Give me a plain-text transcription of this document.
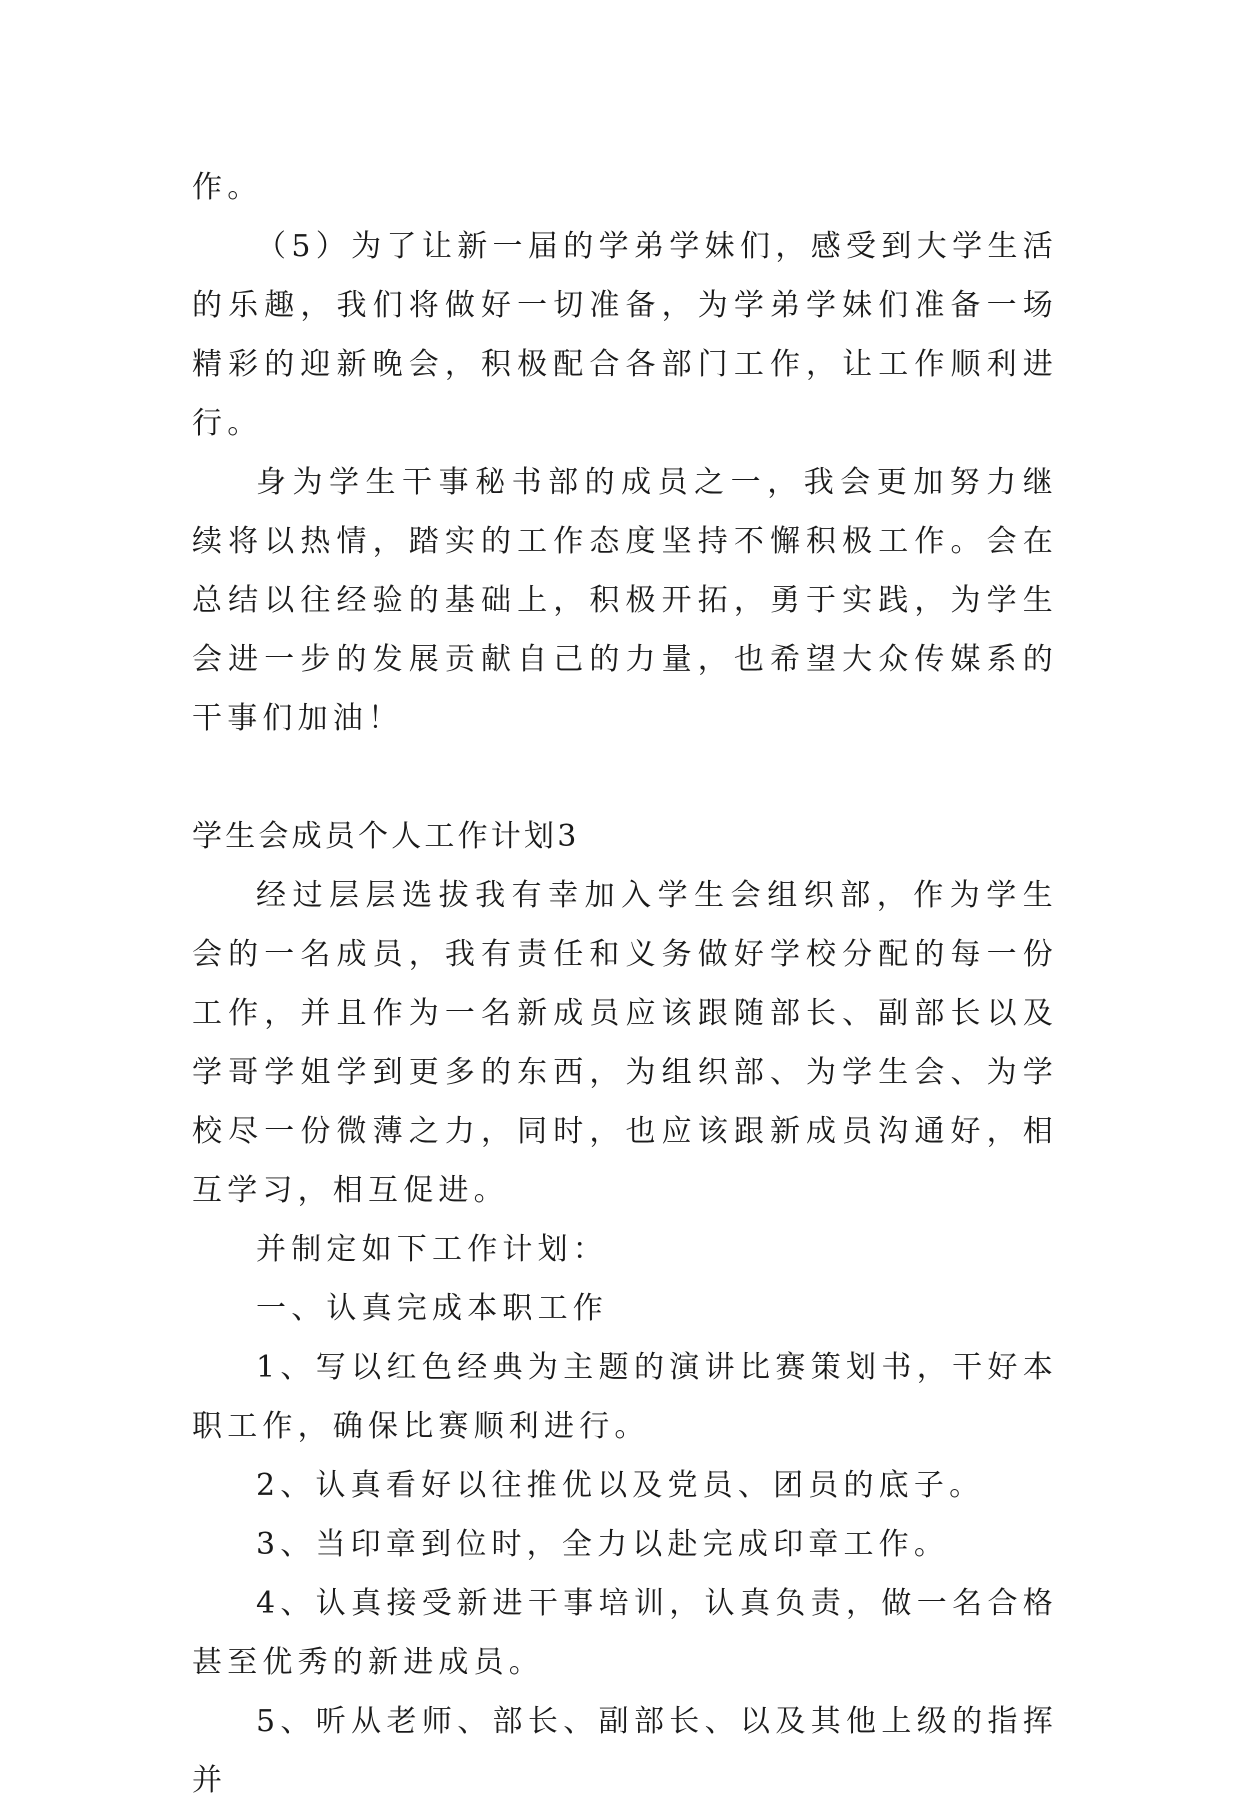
作。

（5）为了让新一届的学弟学妹们，感受到大学生活的乐趣，我们将做好一切准备，为学弟学妹们准备一场精彩的迎新晚会，积极配合各部门工作，让工作顺利进行。

身为学生干事秘书部的成员之一，我会更加努力继续将以热情，踏实的工作态度坚持不懈积极工作。会在总结以往经验的基础上，积极开拓，勇于实践，为学生会进一步的发展贡献自己的力量，也希望大众传媒系的干事们加油！

学生会成员个人工作计划3

经过层层选拔我有幸加入学生会组织部，作为学生会的一名成员，我有责任和义务做好学校分配的每一份工作，并且作为一名新成员应该跟随部长、副部长以及学哥学姐学到更多的东西，为组织部、为学生会、为学校尽一份微薄之力，同时，也应该跟新成员沟通好，相互学习，相互促进。

并制定如下工作计划：

一、认真完成本职工作

1、写以红色经典为主题的演讲比赛策划书，干好本职工作，确保比赛顺利进行。

2、认真看好以往推优以及党员、团员的底子。

3、当印章到位时，全力以赴完成印章工作。

4、认真接受新进干事培训，认真负责，做一名合格甚至优秀的新进成员。

5、听从老师、部长、副部长、以及其他上级的指挥并
